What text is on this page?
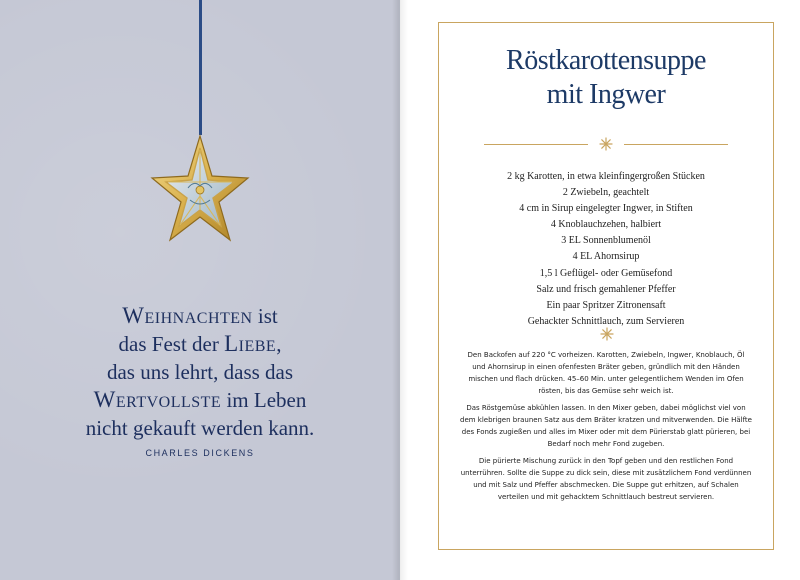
Weihnachten ist
das Fest der Liebe,
das uns lehrt, dass das
Wertvollste im Leben
nicht gekauft werden kann.
CHARLES DICKENS
Röstkarottensuppe
mit Ingwer
2 kg Karotten, in etwa kleinfingergroßen Stücken
2 Zwiebeln, geachtelt
4 cm in Sirup eingelegter Ingwer, in Stiften
4 Knoblauchzehen, halbiert
3 EL Sonnenblumenöl
4 EL Ahornsirup
1,5 l Geflügel- oder Gemüsefond
Salz und frisch gemahlener Pfeffer
Ein paar Spritzer Zitronensaft
Gehackter Schnittlauch, zum Servieren

Den Backofen auf 220 °C vorheizen. Karotten, Zwiebeln, Ingwer, Knoblauch, Öl und Ahornsirup in einen ofenfesten Bräter geben, gründlich mit den Händen mischen und flach drücken. 45–60 Min. unter gelegentlichem Wenden im Ofen rösten, bis das Gemüse sehr weich ist.

Das Röstgemüse abkühlen lassen. In den Mixer geben, dabei möglichst viel von dem klebrigen braunen Satz aus dem Bräter kratzen und mitverwenden. Die Hälfte des Fonds zugießen und alles im Mixer oder mit dem Pürierstab glatt pürieren, bei Bedarf noch mehr Fond zugeben.

Die pürierte Mischung zurück in den Topf geben und den restlichen Fond unterrühren. Sollte die Suppe zu dick sein, diese mit zusätzlichem Fond verdünnen und mit Salz und Pfeffer abschmecken. Die Suppe gut erhitzen, auf Schalen verteilen und mit gehacktem Schnittlauch bestreut servieren.
